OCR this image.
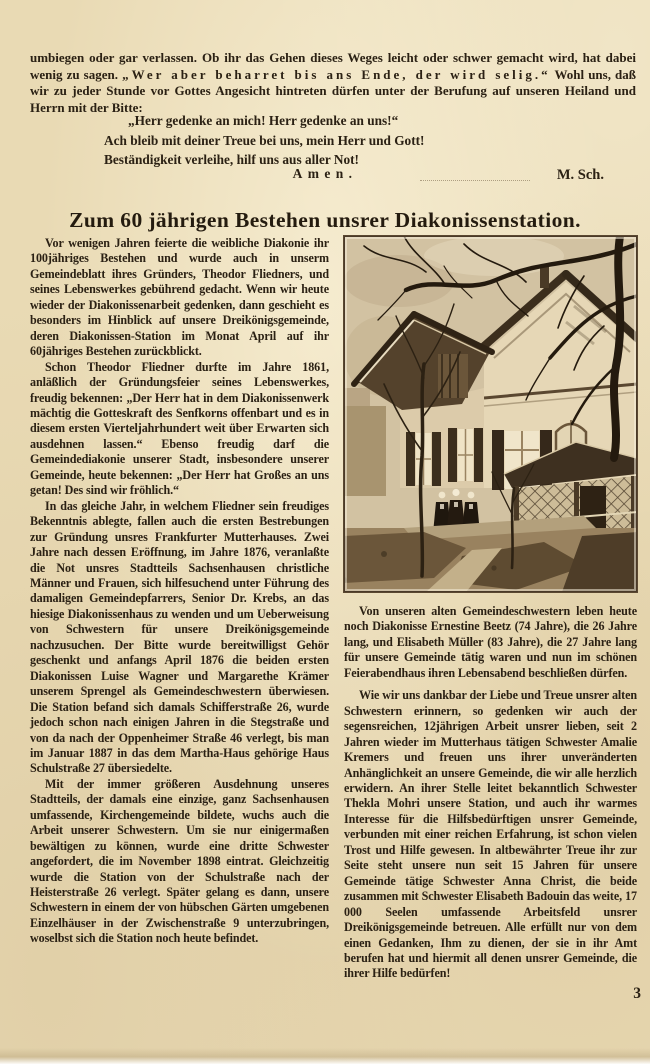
umbiegen oder gar verlassen. Ob ihr das Gehen dieses Weges leicht oder schwer gemacht wird, hat dabei wenig zu sagen. „Wer aber beharret bis ans Ende, der wird selig.“ Wohl uns, daß wir zu jeder Stunde vor Gottes Angesicht hintreten dürfen unter der Berufung auf unseren Heiland und Herrn mit der Bitte:

„Herr gedenke an mich! Herr gedenke an uns!“
Ach bleib mit deiner Treue bei uns, mein Herr und Gott!
Beständigkeit verleihe, hilf uns aus aller Not!
Amen.	M. Sch.
Zum 60 jährigen Bestehen unsrer Diakonissenstation.

Vor wenigen Jahren feierte die weibliche Diakonie ihr 100jähriges Bestehen und wurde auch in unserm Gemeindeblatt ihres Gründers, Theodor Fliedners, und seines Lebenswerkes gebührend gedacht. Wenn wir heute wieder der Diakonissenarbeit gedenken, dann geschieht es besonders im Hinblick auf unsere Dreikönigsgemeinde, deren Diakonissen-Station im Monat April auf ihr 60jähriges Bestehen zurückblickt.

Schon Theodor Fliedner durfte im Jahre 1861, anläßlich der Gründungsfeier seines Lebenswerkes, freudig bekennen: „Der Herr hat in dem Diakonissenwerk mächtig die Gotteskraft des Senfkorns offenbart und es in diesem ersten Vierteljahrhundert weit über Erwarten sich ausdehnen lassen.“ Ebenso freudig darf die Gemeindediakonie unserer Stadt, insbesondere unserer Gemeinde, heute bekennen: „Der Herr hat Großes an uns getan! Des sind wir fröhlich.“

In das gleiche Jahr, in welchem Fliedner sein freudiges Bekenntnis ablegte, fallen auch die ersten Bestrebungen zur Gründung unsres Frankfurter Mutterhauses. Zwei Jahre nach dessen Eröffnung, im Jahre 1876, veranlaßte die Not unsres Stadtteils Sachsenhausen christliche Männer und Frauen, sich hilfesuchend unter Führung des damaligen Gemeindepfarrers, Senior Dr. Krebs, an das hiesige Diakonissenhaus zu wenden und um Ueberweisung von Schwestern für unsere Dreikönigsgemeinde nachzusuchen. Der Bitte wurde bereitwilligst Gehör geschenkt und anfangs April 1876 die beiden ersten Diakonissen Luise Wagner und Margarethe Krämer unserem Sprengel als Gemeindeschwestern überwiesen. Die Station befand sich damals Schifferstraße 26, wurde jedoch schon nach einigen Jahren in die Stegstraße und von da nach der Oppenheimer Straße 46 verlegt, bis man im Januar 1887 in das dem Martha-Haus gehörige Haus Schulstraße 27 übersiedelte.

Mit der immer größeren Ausdehnung unseres Stadtteils, der damals eine einzige, ganz Sachsenhausen umfassende, Kirchengemeinde bildete, wuchs auch die Arbeit unserer Schwestern. Um sie nur einigermaßen bewältigen zu können, wurde eine dritte Schwester angefordert, die im November 1898 eintrat. Gleichzeitig wurde die Station von der Schulstraße nach der Heisterstraße 26 verlegt. Später gelang es dann, unsere Schwestern in einem der von hübschen Gärten umgebenen Einzelhäuser in der Zwischenstraße 9 unterzubringen, woselbst sich die Station noch heute befindet.

Von unseren alten Gemeindeschwestern leben heute noch Diakonisse Ernestine Beetz (74 Jahre), die 26 Jahre lang, und Elisabeth Müller (83 Jahre), die 27 Jahre lang für unsere Gemeinde tätig waren und nun im schönen Feierabendhaus ihren Lebensabend beschließen dürfen.

Wie wir uns dankbar der Liebe und Treue unsrer alten Schwestern erinnern, so gedenken wir auch der segensreichen, 12jährigen Arbeit unsrer lieben, seit 2 Jahren wieder im Mutterhaus tätigen Schwester Amalie Kremers und freuen uns ihrer unveränderten Anhänglichkeit an unsere Gemeinde, die wir alle herzlich erwidern. An ihrer Stelle leitet bekanntlich Schwester Thekla Mohri unsere Station, und auch ihr warmes Interesse für die Hilfsbedürftigen unsrer Gemeinde, verbunden mit einer reichen Erfahrung, ist schon vielen Trost und Hilfe gewesen. In altbewährter Treue ihr zur Seite steht unsere nun seit 15 Jahren für unsere Gemeinde tätige Schwester Anna Christ, die beide zusammen mit Schwester Elisabeth Badouin das weite, 17 000 Seelen umfassende Arbeitsfeld unsrer Dreikönigsgemeinde betreuen. Alle erfüllt nur von dem einen Gedanken, Ihm zu dienen, der sie in ihr Amt berufen hat und hiermit all denen unsrer Gemeinde, die ihrer Hilfe bedürfen!

3
